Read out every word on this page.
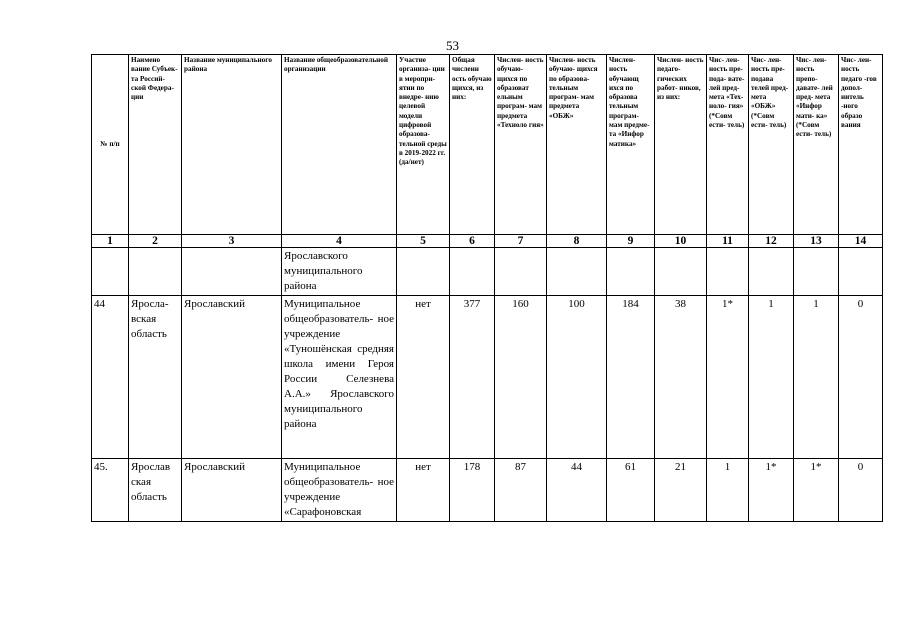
53
№ п/п	Наимено вание Субъек- та Россий- ской Федера- ции	Название муниципального района	Название общеобразовательной организации	Участие организа- ции в меропри- ятии по внедре- нию целевой модели цифровой образова- тельной среды в 2019-2022 гг. (да/нет)	Общая численн ость обучаю щихся, из них:	Числен- ность обучаю- щихся по образоват ельным програм- мам предмета «Техноло гия»	Числен- ность обучаю- щихся по образова- тельным програм- мам предмета «ОБЖ»	Числен- ность обучающ ихся по образова тельным програм- мам предме- та «Инфор матика»	Числен- ность педаго- гических работ- ников, из них:	Чис- лен- ность пре- пода- вате- лей пред- мета «Тех- ноло- гия» (*Совм ести- тель)	Чис- лен- ность пре- подава телей пред- мета «ОБЖ» (*Совм ести- тель)	Чис- лен- ность препо- давате- лей пред- мета «Инфор мати- ка» (*Совм ести- тель)	Чис- лен- ность педаго -гов допол- нитель -ного образо вания
1	2	3	4	5	6	7	8	9	10	11	12	13	14
			Ярославского муниципального района										
44	Яросла- вская область	Ярославский	Муниципальное общеобразователь- ное учреждение «Туношёнская средняя школа имени Героя России Селезнева А.А.» Ярославского муниципального района	нет	377	160	100	184	38	1*	1	1	0
45.	Ярослав ская область	Ярославский	Муниципальное общеобразователь- ное учреждение «Сарафоновская	нет	178	87	44	61	21	1	1*	1*	0
